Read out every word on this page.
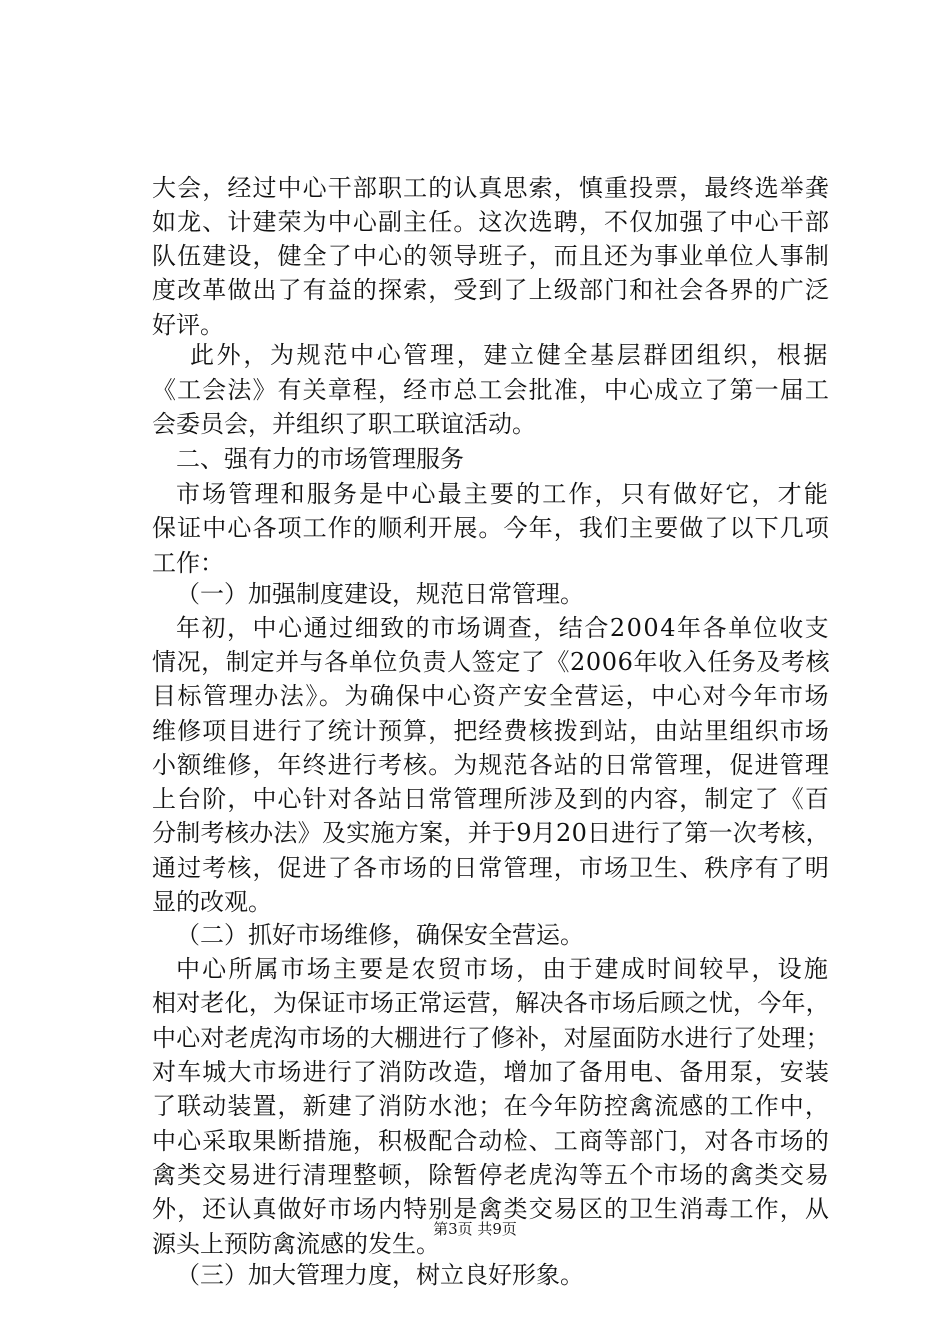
大会，经过中心干部职工的认真思索，慎重投票，最终选举龚
如龙、计建荣为中心副主任。这次选聘，不仅加强了中心干部
队伍建设，健全了中心的领导班子，而且还为事业单位人事制
度改革做出了有益的探索，受到了上级部门和社会各界的广泛
好评。
此外，为规范中心管理，建立健全基层群团组织，根据
《工会法》有关章程，经市总工会批准，中心成立了第一届工
会委员会，并组织了职工联谊活动。
二、强有力的市场管理服务
市场管理和服务是中心最主要的工作，只有做好它，才能
保证中心各项工作的顺利开展。今年，我们主要做了以下几项
工作：
（一）加强制度建设，规范日常管理。
年初，中心通过细致的市场调查，结合2004年各单位收支
情况，制定并与各单位负责人签定了《2006年收入任务及考核
目标管理办法》。为确保中心资产安全营运，中心对今年市场
维修项目进行了统计预算，把经费核拨到站，由站里组织市场
小额维修，年终进行考核。为规范各站的日常管理，促进管理
上台阶，中心针对各站日常管理所涉及到的内容，制定了《百
分制考核办法》及实施方案，并于9月20日进行了第一次考核，
通过考核，促进了各市场的日常管理，市场卫生、秩序有了明
显的改观。
（二）抓好市场维修，确保安全营运。
中心所属市场主要是农贸市场，由于建成时间较早，设施
相对老化，为保证市场正常运营，解决各市场后顾之忧，今年，
中心对老虎沟市场的大棚进行了修补，对屋面防水进行了处理；
对车城大市场进行了消防改造，增加了备用电、备用泵，安装
了联动装置，新建了消防水池；在今年防控禽流感的工作中，
中心采取果断措施，积极配合动检、工商等部门，对各市场的
禽类交易进行清理整顿，除暂停老虎沟等五个市场的禽类交易
外，还认真做好市场内特别是禽类交易区的卫生消毒工作，从
源头上预防禽流感的发生。
（三）加大管理力度，树立良好形象。
第3页 共9页
